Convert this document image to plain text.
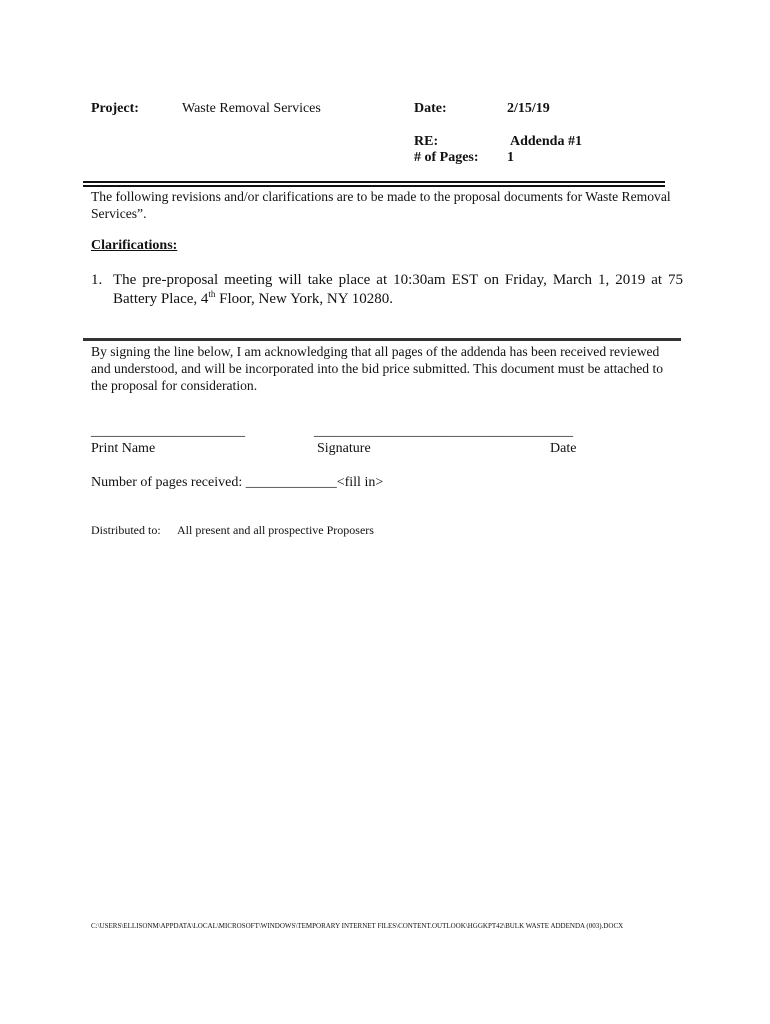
Project:	Waste Removal Services	Date:	2/15/19
RE:	Addenda #1
# of Pages: 1
The following revisions and/or clarifications are to be made to the proposal documents for Waste Removal Services”.
Clarifications:
1. The pre-proposal meeting will take place at 10:30am EST on Friday, March 1, 2019 at 75 Battery Place, 4th Floor, New York, NY 10280.
By signing the line below, I am acknowledging that all pages of the addenda has been received reviewed and understood, and will be incorporated into the bid price submitted. This document must be attached to the proposal for consideration.
______________________	_____________________________________
Print Name	Signature	Date
Number of pages received: _____________<fill in>
Distributed to: All present and all prospective Proposers
C:\USERS\ELLISONM\APPDATA\LOCAL\MICROSOFT\WINDOWS\TEMPORARY INTERNET FILES\CONTENT.OUTLOOK\HGGKPT42\BULK WASTE ADDENDA (003).DOCX
